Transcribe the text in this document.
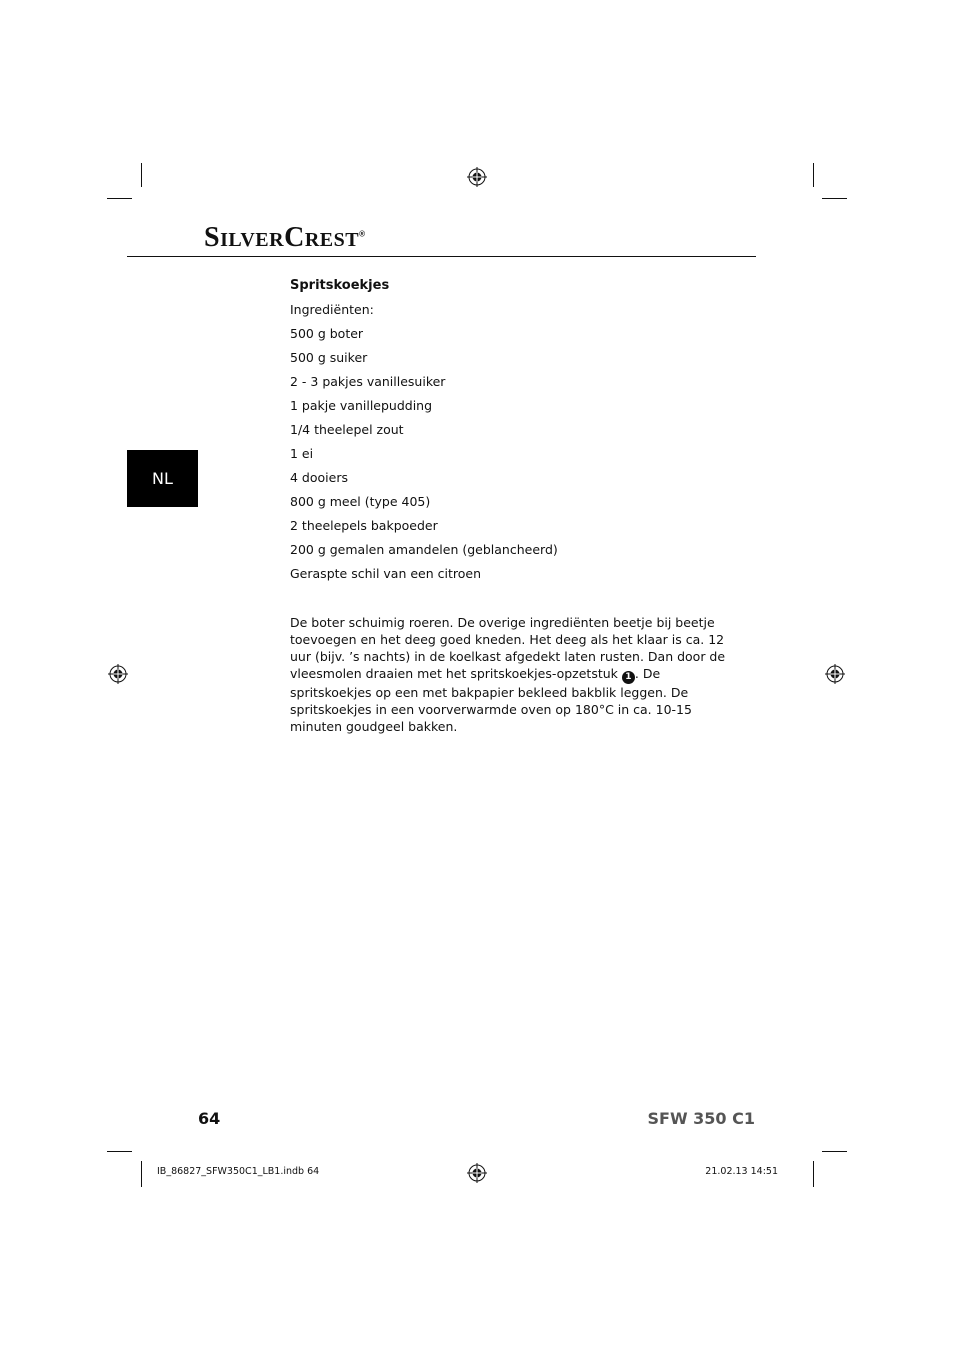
SILVERCREST®
NL
Spritskoekjes
Ingrediënten:
500 g boter
500 g suiker
2 - 3 pakjes vanillesuiker
1 pakje vanillepudding
1/4 theelepel zout
1 ei
4 dooiers
800 g meel (type 405)
2 theelepels bakpoeder
200 g gemalen amandelen (geblancheerd)
Geraspte schil van een citroen

De boter schuimig roeren. De overige ingrediënten beetje bij beetje toevoegen en het deeg goed kneden. Het deeg als het klaar is ca. 12 uur (bijv. ’s nachts) in de koelkast afgedekt laten rusten. Dan door de vleesmolen draaien met het spritskoekjes-opzetstuk 1 . De spritskoekjes op een met bakpapier bekleed bakblik leggen. De spritskoekjes in een voorverwarmde oven op 180°C in ca. 10-15 minuten goudgeel bakken.

64	SFW 350 C1
IB_86827_SFW350C1_LB1.indb 64	21.02.13 14:51
